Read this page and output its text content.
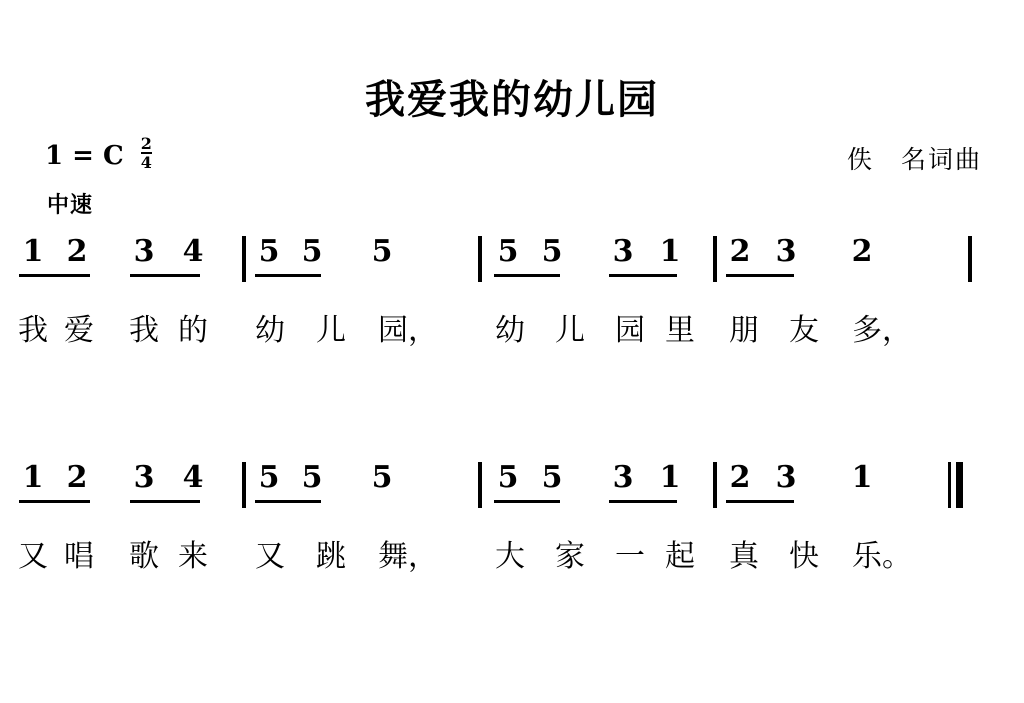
我爱我的幼儿园
1 = C $\frac{2}{4}$
中速
佚　名词曲
1 2 3 4 5 5 5	5 5 3 1 2 3 2
我 爱 我 的 幼 儿 园， 幼 儿 园 里 朋 友 多，
1 2 3 4 5 5 5	5 5 3 1 2 3 1
又 唱 歌 来 又 跳 舞， 大 家 一 起 真 快 乐。
